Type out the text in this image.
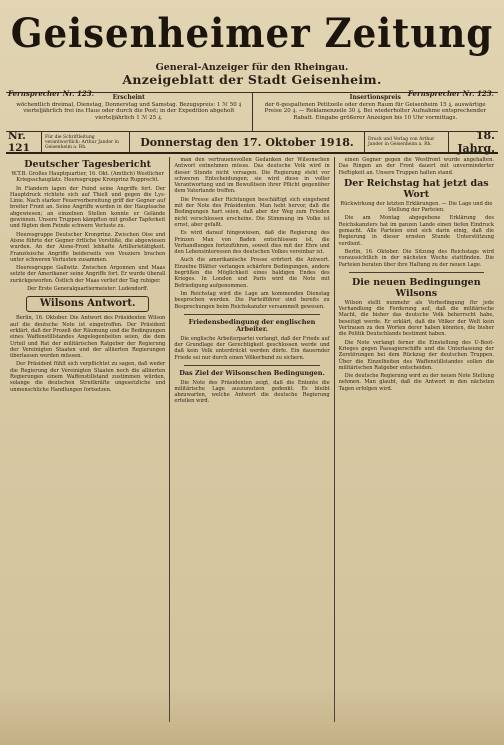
Geisenheimer Zeitung
General-Anzeiger für den Rheingau.
Anzeigeblatt der Stadt Geisenheim.
Fernsprecher Nr. 123.	Fernsprecher Nr. 123.
Erscheint
wöchentlich dreimal, Dienstag, Donnerstag und Samstag. Bezugspreis: 1 ℳ 50 ₰ vierteljährlich frei ins Haus oder durch die Post; in der Expedition abgeholt vierteljährlich 1 ℳ 25 ₰.
Insertionspreis
der 6-gespaltenen Petitzeile oder deren Raum für Geisenheim 15 ₰, auswärtige Preise 20 ₰. — Reklamenzeile 30 ₰. Bei wiederholter Aufnahme entsprechender Rabatt. Eingabe größerer Anzeigen bis 10 Uhr vormittags.
Nr. 121
Für die Schriftleitung verantwortlich: Arthur Jander in Geisenheim a. Rh.	Donnerstag den 17. Oktober 1918.	Druck und Verlag von Arthur Jander in Geisenheim a. Rh.
18. Jahrg.
Deutscher Tagesbericht

W.T.B. Großes Hauptquartier, 16. Okt. (Amtlich) Westlicher Kriegsschauplatz. Heeresgruppe Kronprinz Rupprecht.

In Flandern lagen der Feind seine Angriffe fort. Der Hauptdruck richtete sich auf Thielt und gegen die Lys-Linie. Nach starker Feuervorbereitung griff der Gegner auf breiter Front an. Seine Angriffe wurden in der Hauptsache abgewiesen; an einzelnen Stellen konnte er Gelände gewinnen. Unsere Truppen kämpften mit großer Tapferkeit und fügten dem Feinde schwere Verluste zu.

Heeresgruppe Deutscher Kronprinz. Zwischen Oise und Aisne führte der Gegner örtliche Vorstöße, die abgewiesen wurden. An der Aisne-Front lebhafte Artillerietätigkeit. Französische Angriffe beiderseits von Vouziers brachen unter schweren Verlusten zusammen.

Heeresgruppe Gallwitz. Zwischen Argonnen und Maas setzte der Amerikaner seine Angriffe fort. Er wurde überall zurückgeworfen. Östlich der Maas verlief der Tag ruhiger.

Der Erste Generalquartiermeister: Ludendorff.

Wilsons Antwort.

Berlin, 16. Oktober. Die Antwort des Präsidenten Wilson auf die deutsche Note ist eingetroffen. Der Präsident erklärt, daß der Prozeß der Räumung und die Bedingungen eines Waffenstillstandes Angelegenheiten seien, die dem Urteil und Rat der militärischen Ratgeber der Regierung der Vereinigten Staaten und der alliierten Regierungen überlassen werden müssen.

Der Präsident fühlt sich verpflichtet zu sagen, daß weder die Regierung der Vereinigten Staaten noch die alliierten Regierungen einem Waffenstillstand zustimmen würden, solange die deutschen Streitkräfte ungesetzliche und unmenschliche Handlungen fortsetzen.

man den vertrauensvollen Gedanken der Wilsonschen Antwort entnehmen müsse. Das deutsche Volk wird in dieser Stunde nicht versagen. Die Regierung steht vor schweren Entscheidungen; sie wird diese in voller Verantwortung und im Bewußtsein ihrer Pflicht gegenüber dem Vaterlande treffen.

Die Presse aller Richtungen beschäftigt sich eingehend mit der Note des Präsidenten. Man hebt hervor, daß die Bedingungen hart seien, daß aber der Weg zum Frieden nicht verschlossen erscheine. Die Stimmung im Volke ist ernst, aber gefaßt.

Es wird darauf hingewiesen, daß die Regierung des Prinzen Max von Baden entschlossen ist, die Verhandlungen fortzuführen, soweit dies mit der Ehre und den Lebensinteressen des deutschen Volkes vereinbar ist.

Auch die amerikanische Presse erörtert die Antwort. Einzelne Blätter verlangen schärfere Bedingungen, andere begrüßen die Möglichkeit eines baldigen Endes des Krieges. In London und Paris wird die Note mit Befriedigung aufgenommen.

Im Reichstag wird die Lage am kommenden Dienstag besprochen werden. Die Parteiführer sind bereits zu Besprechungen beim Reichskanzler versammelt gewesen.

Friedensbedingung der englischen Arbeiter.

Die englische Arbeiterpartei verlangt, daß der Friede auf der Grundlage der Gerechtigkeit geschlossen werde und daß kein Volk unterdrückt werden dürfe. Ein dauernder Friede sei nur durch einen Völkerbund zu sichern.

Das Ziel der Wilsonschen Bedingungen.

Die Note des Präsidenten zeigt, daß die Entente die militärische Lage auszunutzen gedenkt. Es bleibt abzuwarten, welche Antwort die deutsche Regierung erteilen wird.

einen Gegner gegen die Westfront wurde angehalten. Das Ringen an der Front dauert mit unverminderter Heftigkeit an. Unsere Truppen halten stand.

Der Reichstag hat jetzt das Wort

Rückwirkung der letzten Erklärungen. — Die Lage und die Stellung der Parteien.

Die am Montag abgegebene Erklärung des Reichskanzlers hat im ganzen Lande einen tiefen Eindruck gemacht. Alle Parteien sind sich darin einig, daß die Regierung in dieser ernsten Stunde Unterstützung verdient.

Berlin, 16. Oktober. Die Sitzung des Reichstags wird voraussichtlich in der nächsten Woche stattfinden. Die Parteien beraten über ihre Haltung zu der neuen Lage.

Die neuen Bedingungen Wilsons

Wilson stellt nunmehr als Vorbedingung für jede Verhandlung die Forderung auf, daß die militärische Macht, die bisher das deutsche Volk beherrscht habe, beseitigt werde. Er erklärt, daß die Völker der Welt kein Vertrauen zu den Worten derer haben könnten, die bisher die Politik Deutschlands bestimmt haben.

Die Note verlangt ferner die Einstellung des U-Boot-Krieges gegen Passagierschiffe und die Unterlassung der Zerstörungen bei dem Rückzug der deutschen Truppen. Über die Einzelheiten des Waffenstillstandes sollen die militärischen Ratgeber entscheiden.

Die deutsche Regierung wird zu der neuen Note Stellung nehmen. Man glaubt, daß die Antwort in den nächsten Tagen erfolgen wird.
